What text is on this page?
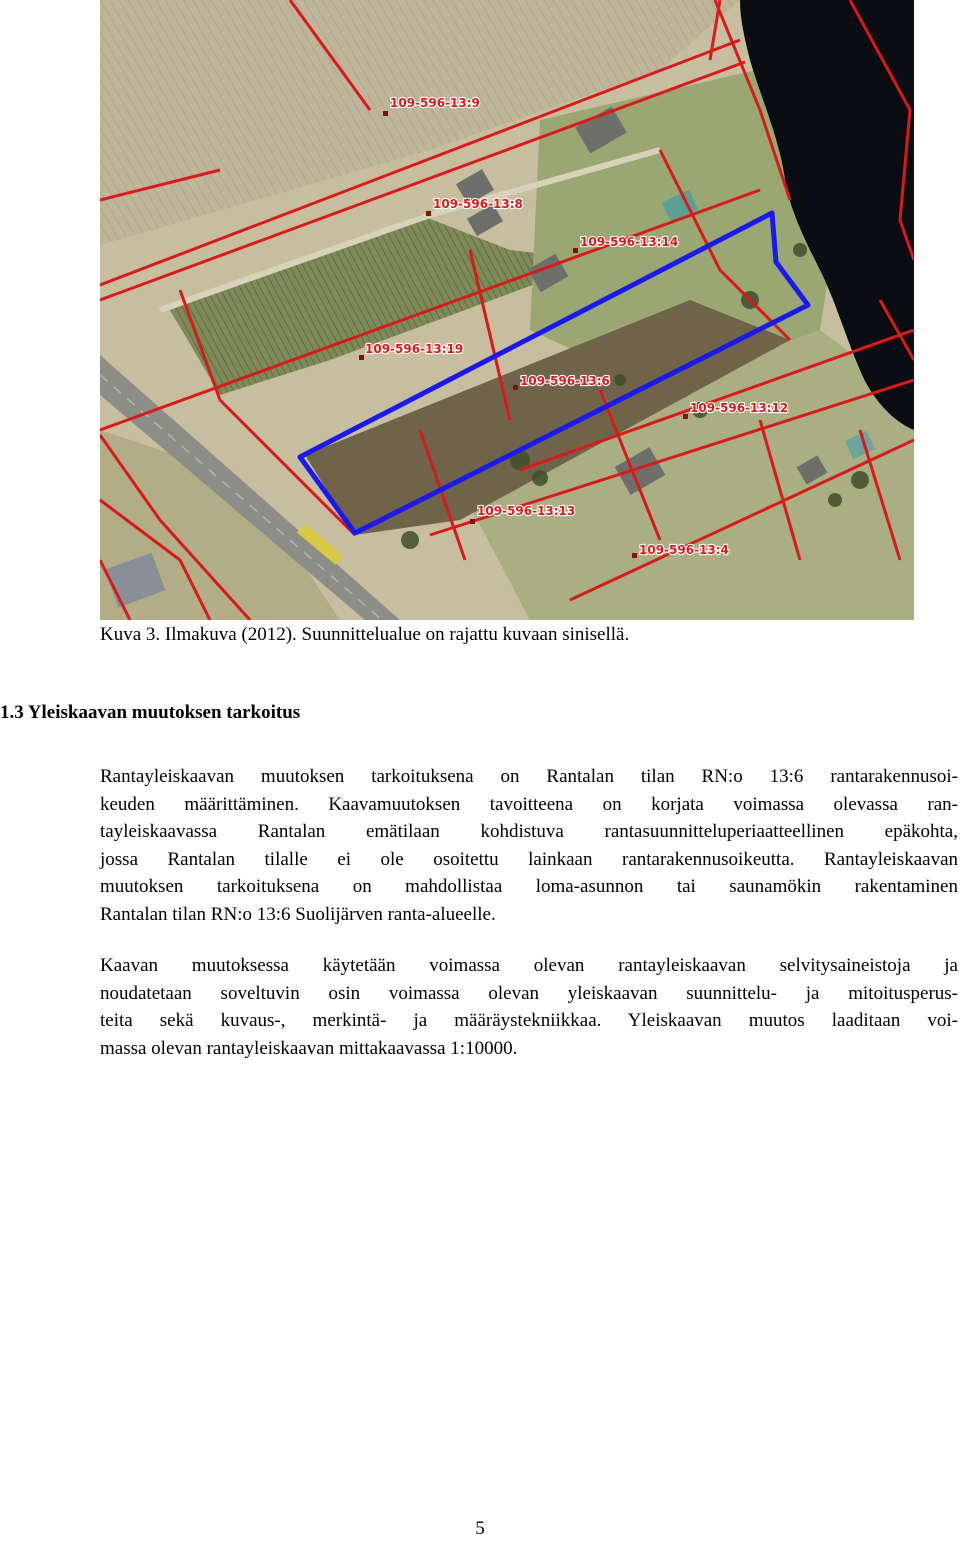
109-596-13:9
109-596-13:8
109-596-13:14
109-596-13:19
109-596-13:6
109-596-13:12
109-596-13:13
109-596-13:4
Kuva 3. Ilmakuva (2012). Suunnittelualue on rajattu kuvaan sinisellä.
1.3 Yleiskaavan muutoksen tarkoitus
Rantayleiskaavan muutoksen tarkoituksena on Rantalan tilan RN:o 13:6 rantarakennusoi-
keuden määrittäminen. Kaavamuutoksen tavoitteena on korjata voimassa olevassa ran-
tayleiskaavassa Rantalan emätilaan kohdistuva rantasuunnitteluperiaatteellinen epäkohta,
jossa Rantalan tilalle ei ole osoitettu lainkaan rantarakennusoikeutta. Rantayleiskaavan
muutoksen tarkoituksena on mahdollistaa loma-asunnon tai saunamökin rakentaminen
Rantalan tilan RN:o 13:6 Suolijärven ranta-alueelle.
Kaavan muutoksessa käytetään voimassa olevan rantayleiskaavan selvitysaineistoja ja
noudatetaan soveltuvin osin voimassa olevan yleiskaavan suunnittelu- ja mitoitusperus-
teita sekä kuvaus-, merkintä- ja määräystekniikkaa. Yleiskaavan muutos laaditaan voi-
massa olevan rantayleiskaavan mittakaavassa 1:10000.
5
